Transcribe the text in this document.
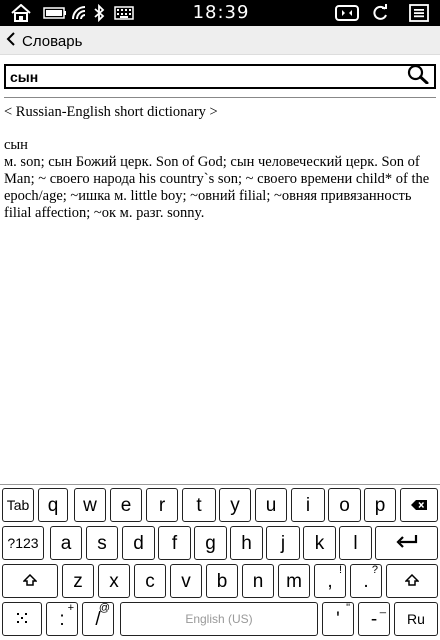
18:39
Словарь
сын
< Russian-English short dictionary >
сын
м. son; сын Божий церк. Son of God; сын человеческий церк. Son of Man; ~ своего народа his country`s son; ~ своего времени child* of the epoch/age; ~ишка м. little boy; ~овний filial; ~овняя привязанность filial affection; ~ок м. разг. sonny.
Tab q w e r t y u i o p
?123 a s d f g h j k l
z x c v b n m ,
!
.
?
:
+
/
@
English (US)	'
"
-
_
Ru
